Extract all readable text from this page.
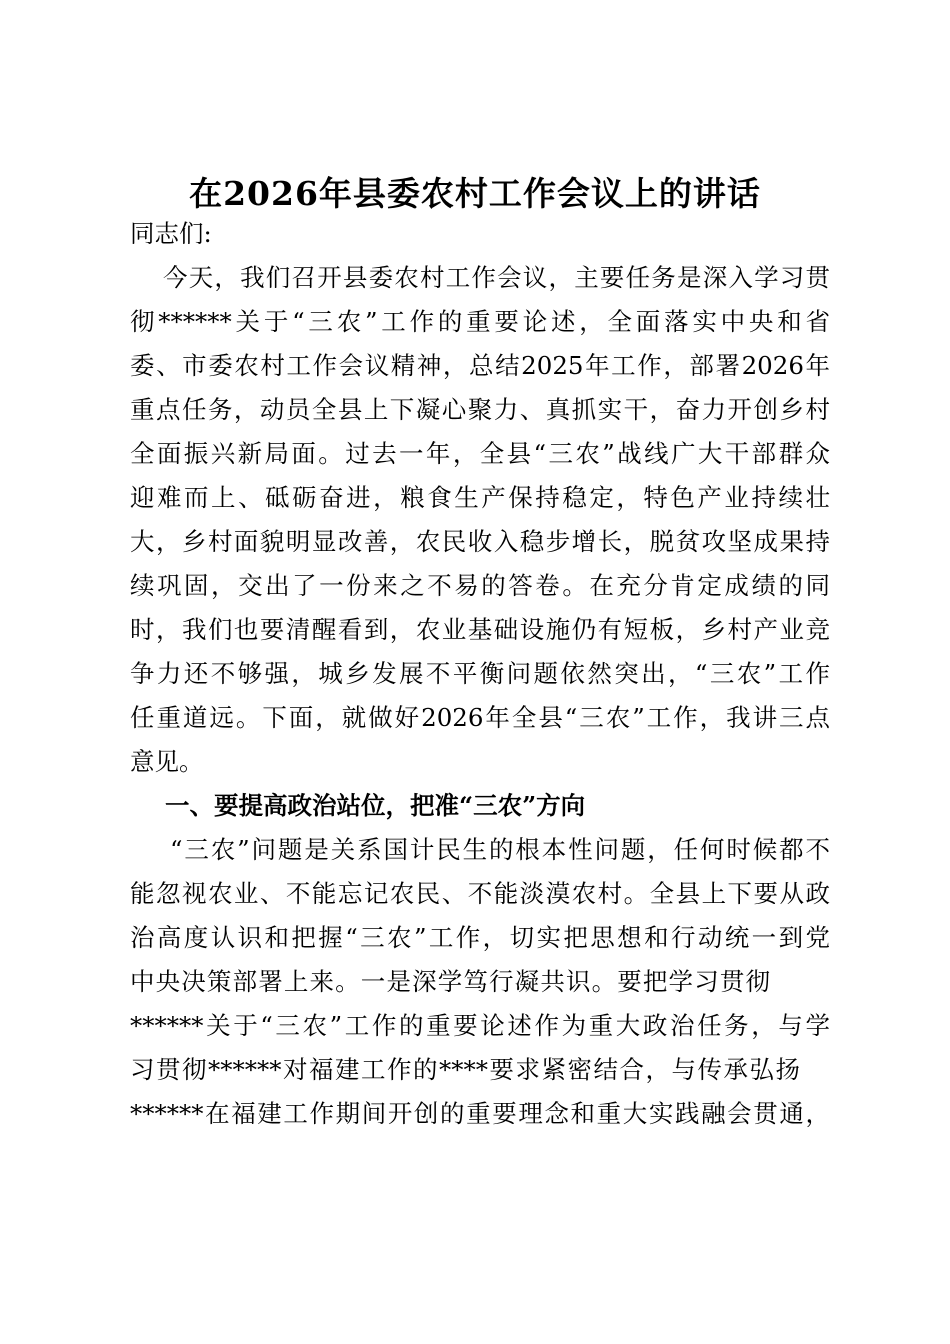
在2026年县委农村工作会议上的讲话
同志们:
今天，我们召开县委农村工作会议，主要任务是深入学习贯
彻******关于“三农”工作的重要论述，全面落实中央和省
委、市委农村工作会议精神，总结2025年工作，部署2026年
重点任务，动员全县上下凝心聚力、真抓实干，奋力开创乡村
全面振兴新局面。过去一年，全县“三农”战线广大干部群众
迎难而上、砥砺奋进，粮食生产保持稳定，特色产业持续壮
大，乡村面貌明显改善，农民收入稳步增长，脱贫攻坚成果持
续巩固，交出了一份来之不易的答卷。在充分肯定成绩的同
时，我们也要清醒看到，农业基础设施仍有短板，乡村产业竞
争力还不够强，城乡发展不平衡问题依然突出，“三农”工作
任重道远。下面，就做好2026年全县“三农”工作，我讲三点
意见。
一、要提高政治站位，把准“三农”方向
“三农”问题是关系国计民生的根本性问题，任何时候都不
能忽视农业、不能忘记农民、不能淡漠农村。全县上下要从政
治高度认识和把握“三农”工作，切实把思想和行动统一到党
中央决策部署上来。一是深学笃行凝共识。要把学习贯彻
******关于“三农”工作的重要论述作为重大政治任务，与学
习贯彻******对福建工作的****要求紧密结合，与传承弘扬
******在福建工作期间开创的重要理念和重大实践融会贯通，
